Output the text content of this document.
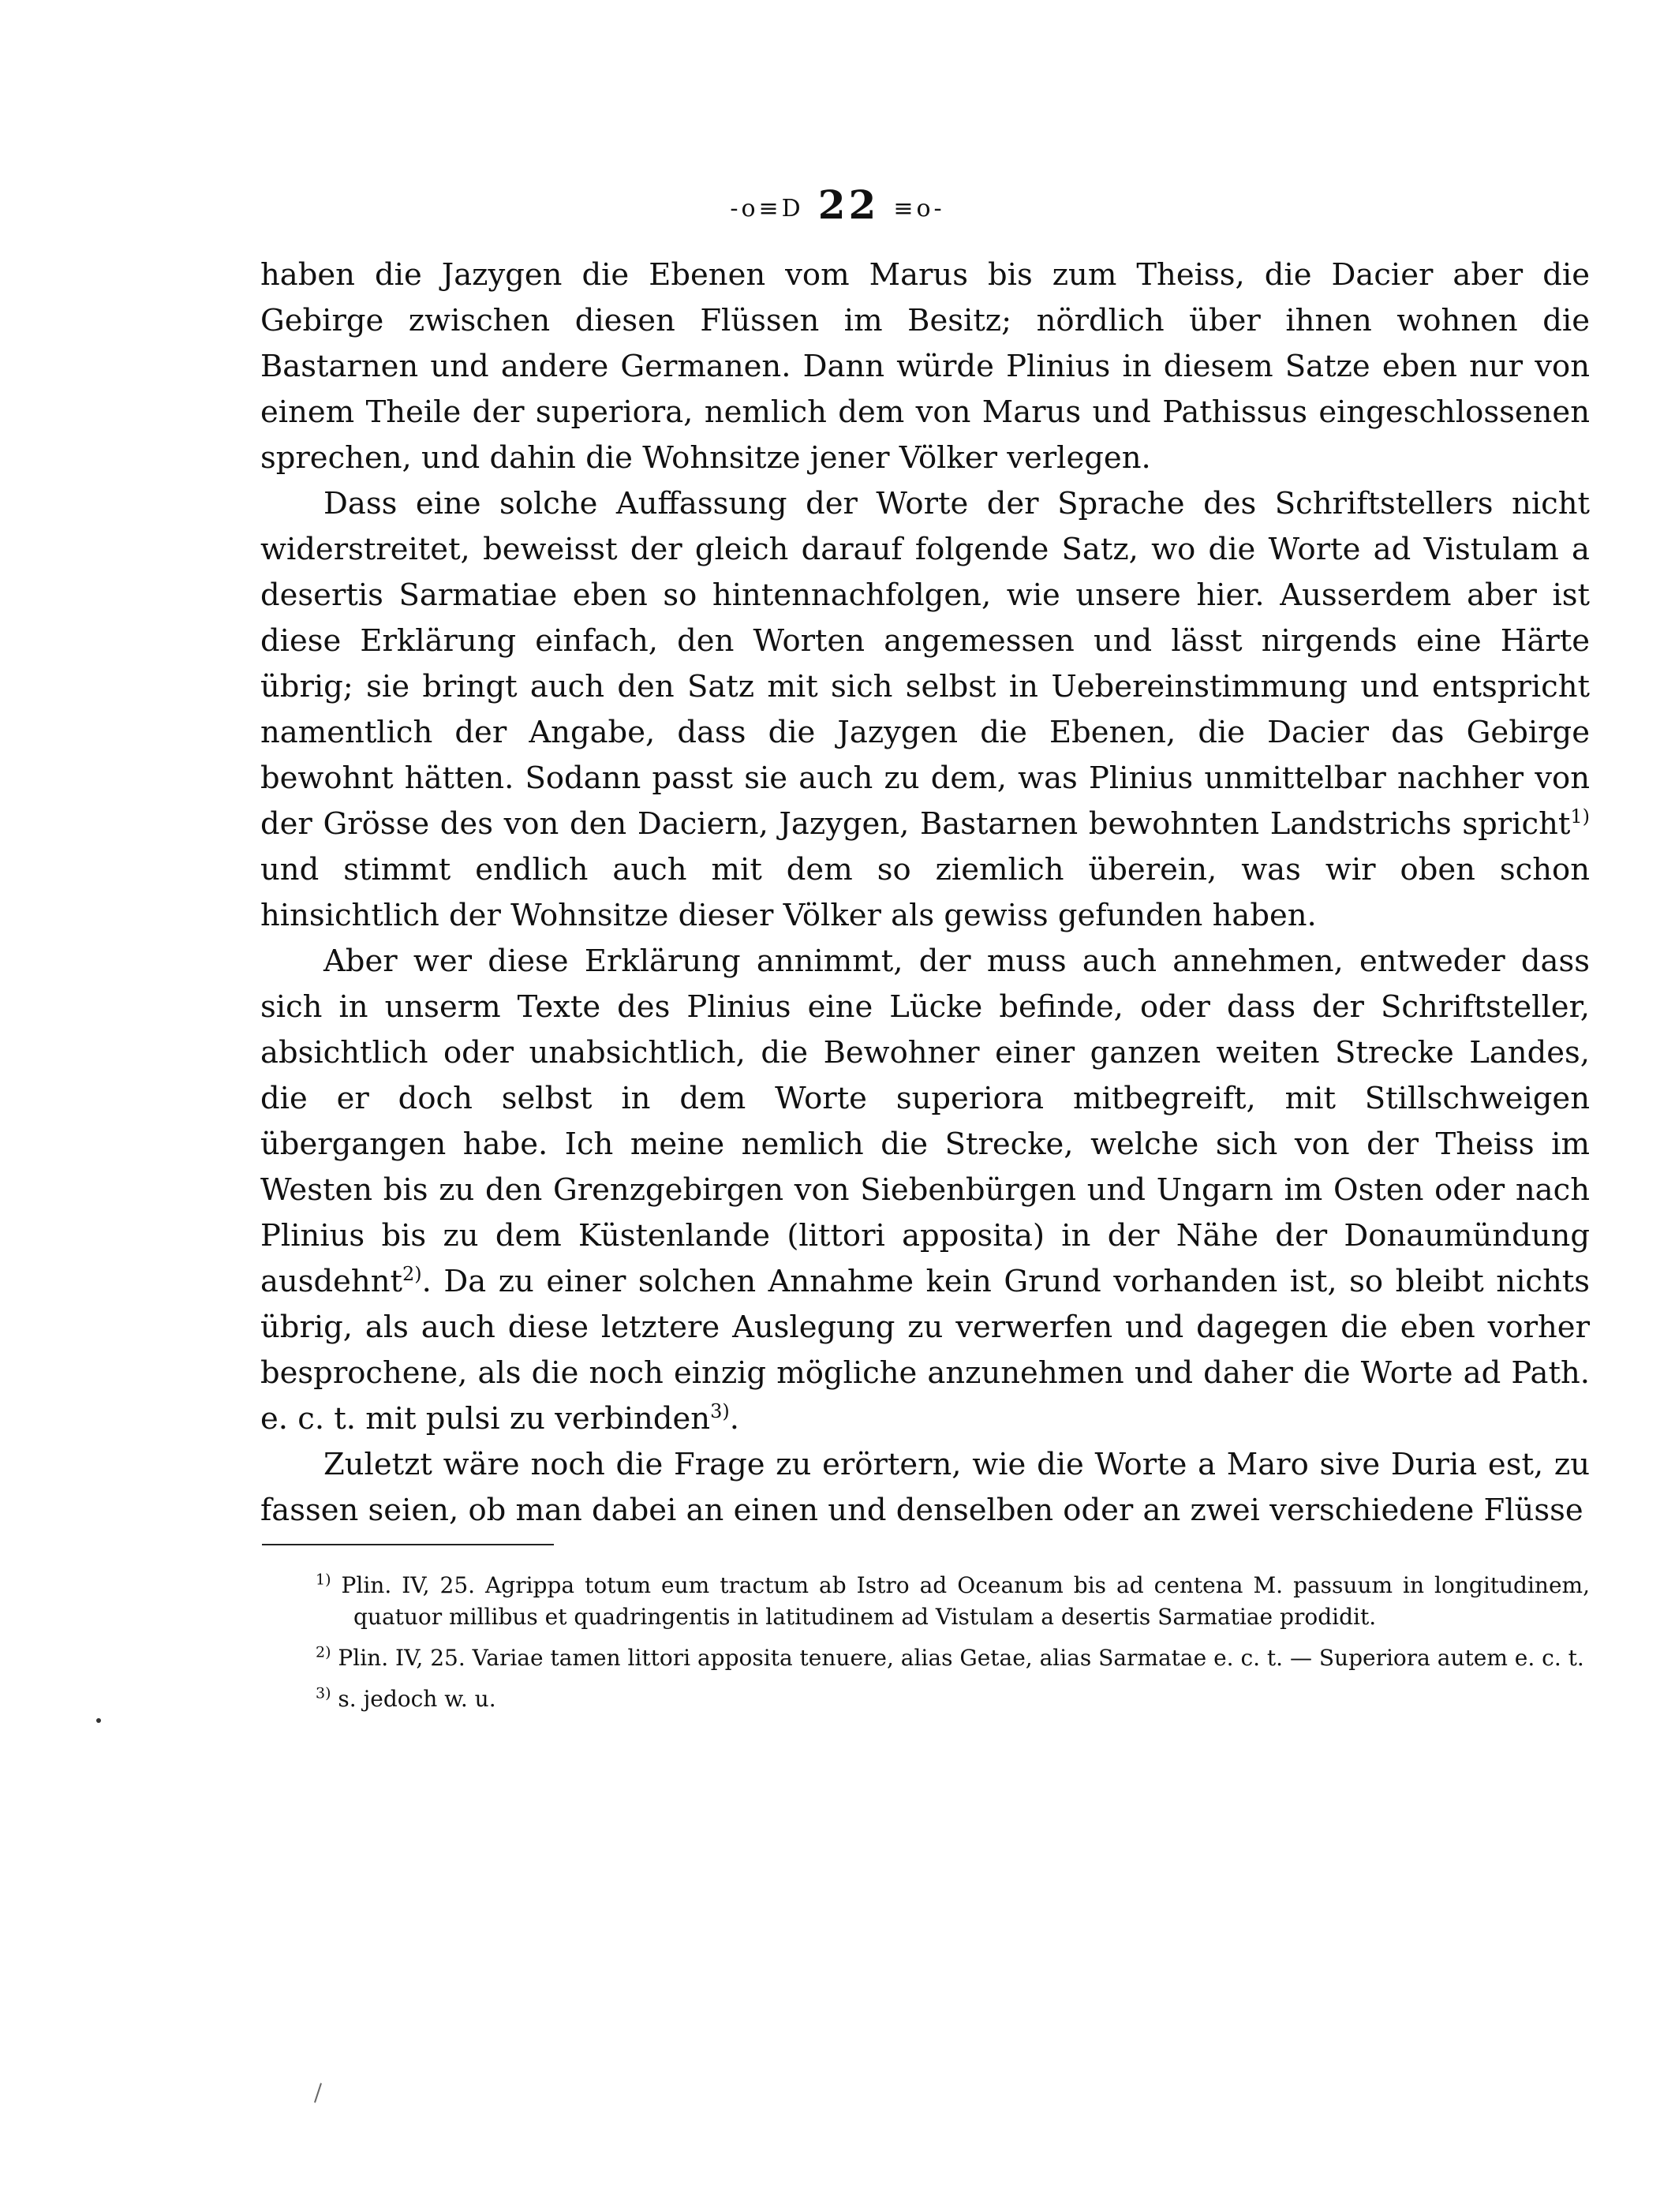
-o≡D 22 ≡o-

haben die Jazygen die Ebenen vom Marus bis zum Theiss, die Dacier aber die Gebirge zwischen diesen Flüssen im Besitz; nördlich über ihnen wohnen die Bastarnen und andere Germanen. Dann würde Plinius in diesem Satze eben nur von einem Theile der superiora, nemlich dem von Marus und Pathissus eingeschlossenen sprechen, und dahin die Wohnsitze jener Völker verlegen.

Dass eine solche Auffassung der Worte der Sprache des Schriftstellers nicht widerstreitet, beweisst der gleich darauf folgende Satz, wo die Worte ad Vistulam a desertis Sarmatiae eben so hintennachfolgen, wie unsere hier. Ausserdem aber ist diese Erklärung einfach, den Worten angemessen und lässt nirgends eine Härte übrig; sie bringt auch den Satz mit sich selbst in Uebereinstimmung und entspricht namentlich der Angabe, dass die Jazygen die Ebenen, die Dacier das Gebirge bewohnt hätten. Sodann passt sie auch zu dem, was Plinius unmittelbar nachher von der Grösse des von den Daciern, Jazygen, Bastarnen bewohnten Landstrichs spricht$^{1)}$ und stimmt endlich auch mit dem so ziemlich überein, was wir oben schon hinsichtlich der Wohnsitze dieser Völker als gewiss gefunden haben.

Aber wer diese Erklärung annimmt, der muss auch annehmen, entweder dass sich in unserm Texte des Plinius eine Lücke befinde, oder dass der Schriftsteller, absichtlich oder unabsichtlich, die Bewohner einer ganzen weiten Strecke Landes, die er doch selbst in dem Worte superiora mitbegreift, mit Stillschweigen übergangen habe. Ich meine nemlich die Strecke, welche sich von der Theiss im Westen bis zu den Grenzgebirgen von Siebenbürgen und Ungarn im Osten oder nach Plinius bis zu dem Küstenlande (littori apposita) in der Nähe der Donaumündung ausdehnt$^{2)}$. Da zu einer solchen Annahme kein Grund vorhanden ist, so bleibt nichts übrig, als auch diese letztere Auslegung zu verwerfen und dagegen die eben vorher besprochene, als die noch einzig mögliche anzunehmen und daher die Worte ad Path. e. c. t. mit pulsi zu verbinden$^{3)}$.

Zuletzt wäre noch die Frage zu erörtern, wie die Worte a Maro sive Duria est, zu fassen seien, ob man dabei an einen und denselben oder an zwei verschiedene Flüsse

$^{1)}$ Plin. IV, 25. Agrippa totum eum tractum ab Istro ad Oceanum bis ad centena M. passuum in longitudinem, quatuor millibus et quadringentis in latitudinem ad Vistulam a desertis Sarmatiae prodidit.

$^{2)}$ Plin. IV, 25. Variae tamen littori apposita tenuere, alias Getae, alias Sarmatae e. c. t. — Superiora autem e. c. t.

$^{3)}$ s. jedoch w. u.
